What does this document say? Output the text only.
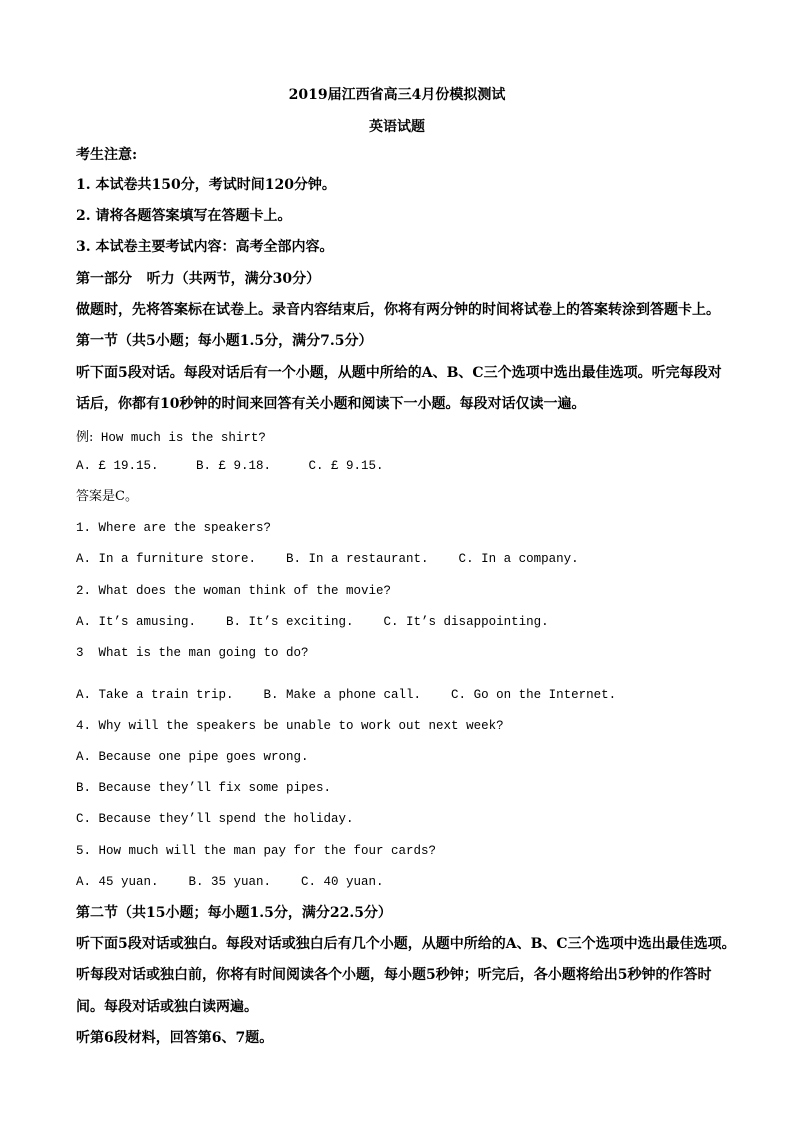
2019届江西省高三4月份模拟测试
英语试题
考生注意:
1. 本试卷共150分，考试时间120分钟。
2. 请将各题答案填写在答题卡上。
3. 本试卷主要考试内容：高考全部内容。
第一部分   听力（共两节，满分30分）
做题时，先将答案标在试卷上。录音内容结束后，你将有两分钟的时间将试卷上的答案转涂到答题卡上。
第一节（共5小题；每小题1.5分，满分7.5分）
听下面5段对话。每段对话后有一个小题，从题中所给的A、B、C三个选项中选出最佳选项。听完每段对
话后，你都有10秒钟的时间来回答有关小题和阅读下一小题。每段对话仅读一遍。
例: How much is the shirt?
A. £ 19.15.     B. £ 9.18.     C. £ 9.15.
答案是C。
1. Where are the speakers?
A. In a furniture store.    B. In a restaurant.    C. In a company.
2. What does the woman think of the movie?
A. It’s amusing.    B. It’s exciting.    C. It’s disappointing.
3  What is the man going to do?
A. Take a train trip.    B. Make a phone call.    C. Go on the Internet.
4. Why will the speakers be unable to work out next week?
A. Because one pipe goes wrong.
B. Because they’ll fix some pipes.
C. Because they’ll spend the holiday.
5. How much will the man pay for the four cards?
A. 45 yuan.    B. 35 yuan.    C. 40 yuan.
第二节（共15小题；每小题1.5分，满分22.5分）
听下面5段对话或独白。每段对话或独白后有几个小题，从题中所给的A、B、C三个选项中选出最佳选项。
听每段对话或独白前，你将有时间阅读各个小题，每小题5秒钟；听完后，各小题将给出5秒钟的作答时
间。每段对话或独白读两遍。
听第6段材料，回答第6、7题。
